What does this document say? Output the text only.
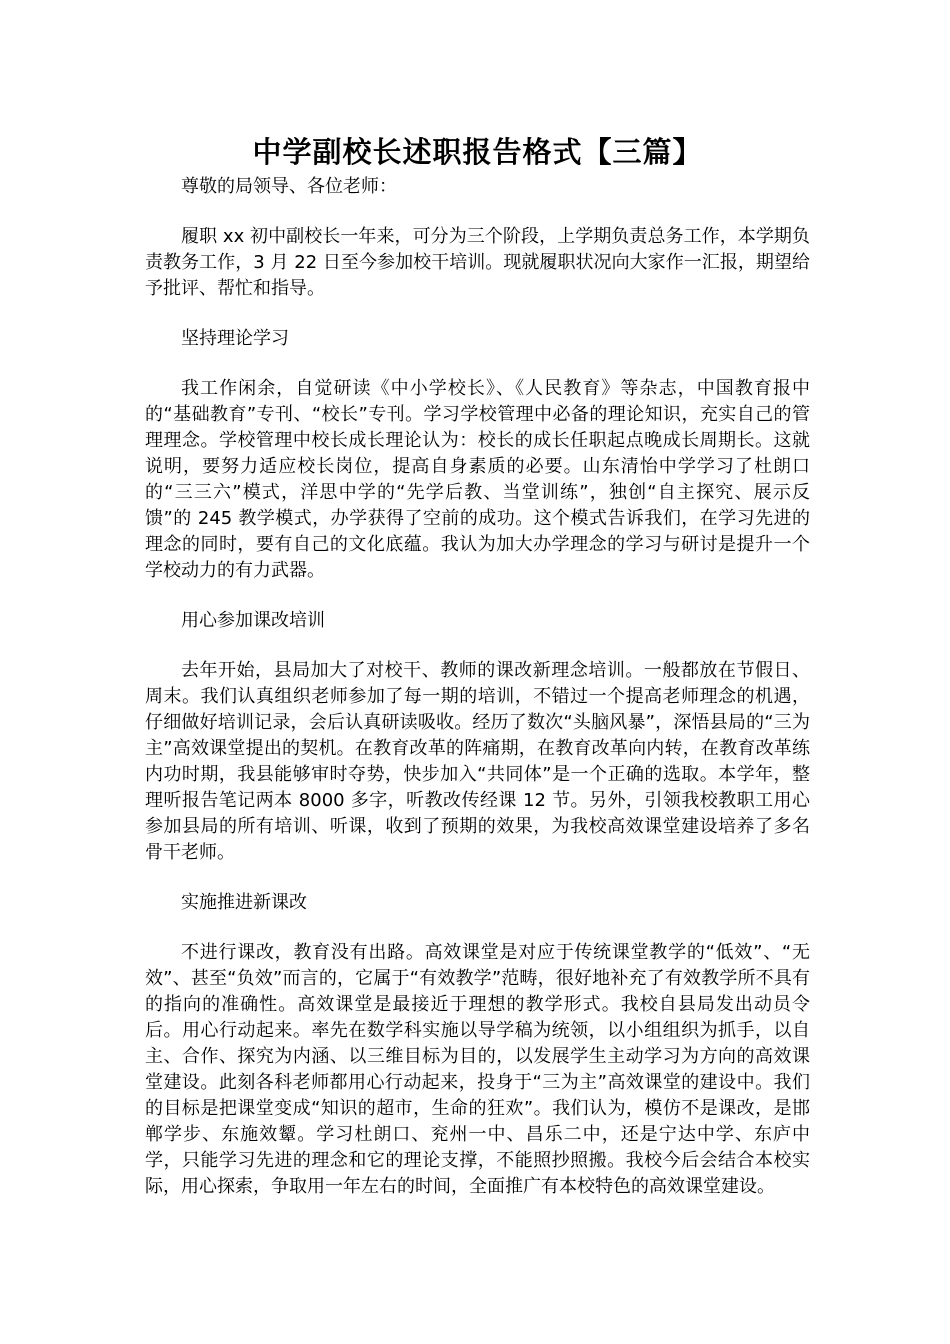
中学副校长述职报告格式【三篇】
尊敬的局领导、各位老师：

履职 xx 初中副校长一年来，可分为三个阶段，上学期负责总务工作，本学期负责教务工作，3 月 22 日至今参加校干培训。现就履职状况向大家作一汇报，期望给予批评、帮忙和指导。

坚持理论学习

我工作闲余，自觉研读《中小学校长》、《人民教育》等杂志，中国教育报中的“基础教育”专刊、“校长”专刊。学习学校管理中必备的理论知识，充实自己的管理理念。学校管理中校长成长理论认为：校长的成长任职起点晚成长周期长。这就说明，要努力适应校长岗位，提高自身素质的必要。山东清怡中学学习了杜朗口的“三三六”模式，洋思中学的“先学后教、当堂训练”，独创“自主探究、展示反馈”的 245 教学模式，办学获得了空前的成功。这个模式告诉我们，在学习先进的理念的同时，要有自己的文化底蕴。我认为加大办学理念的学习与研讨是提升一个学校动力的有力武器。

用心参加课改培训

去年开始，县局加大了对校干、教师的课改新理念培训。一般都放在节假日、周末。我们认真组织老师参加了每一期的培训，不错过一个提高老师理念的机遇，仔细做好培训记录，会后认真研读吸收。经历了数次“头脑风暴”，深悟县局的“三为主”高效课堂提出的契机。在教育改革的阵痛期，在教育改革向内转，在教育改革练内功时期，我县能够审时夺势，快步加入“共同体”是一个正确的选取。本学年，整理听报告笔记两本 8000 多字，听教改传经课 12 节。另外，引领我校教职工用心参加县局的所有培训、听课，收到了预期的效果，为我校高效课堂建设培养了多名骨干老师。

实施推进新课改

不进行课改，教育没有出路。高效课堂是对应于传统课堂教学的“低效”、“无效”、甚至“负效”而言的，它属于“有效教学”范畴，很好地补充了有效教学所不具有的指向的准确性。高效课堂是最接近于理想的教学形式。我校自县局发出动员令后。用心行动起来。率先在数学科实施以导学稿为统领，以小组组织为抓手，以自主、合作、探究为内涵、以三维目标为目的，以发展学生主动学习为方向的高效课堂建设。此刻各科老师都用心行动起来，投身于“三为主”高效课堂的建设中。我们的目标是把课堂变成“知识的超市，生命的狂欢”。我们认为，模仿不是课改，是邯郸学步、东施效颦。学习杜朗口、兖州一中、昌乐二中，还是宁达中学、东庐中学，只能学习先进的理念和它的理论支撑，不能照抄照搬。我校今后会结合本校实际，用心探索，争取用一年左右的时间，全面推广有本校特色的高效课堂建设。
